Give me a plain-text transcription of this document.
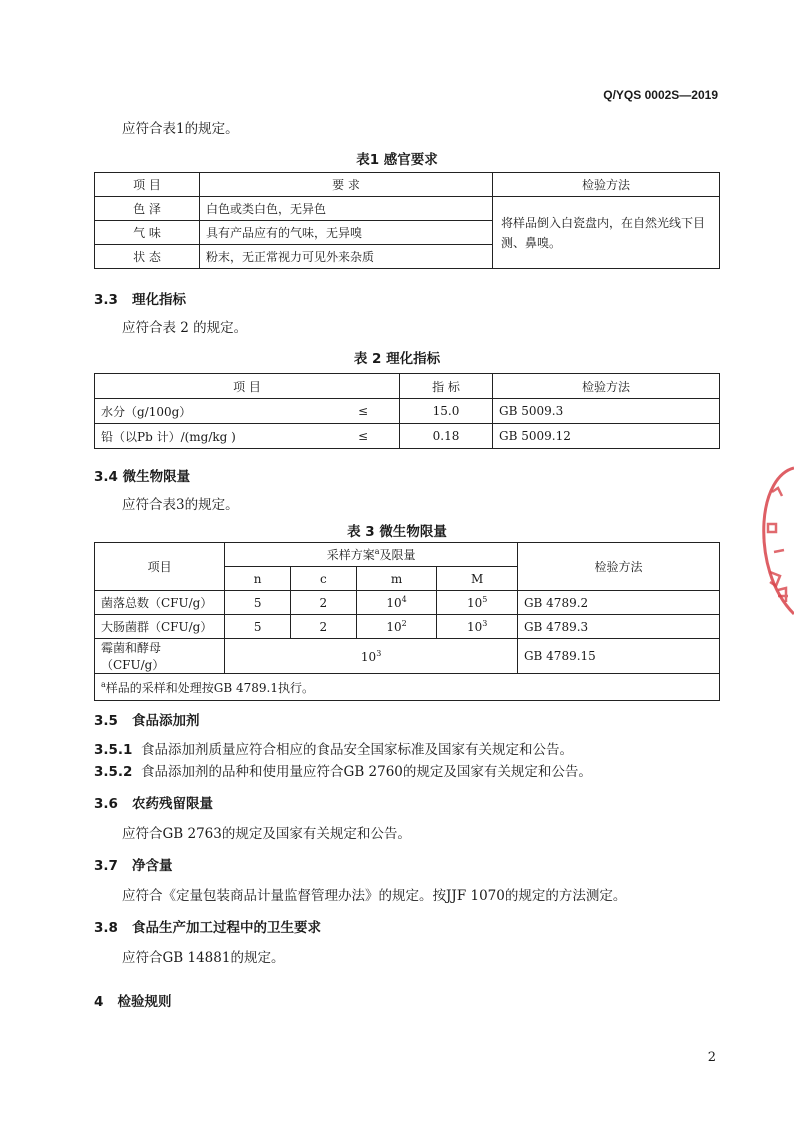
Q/YQS 0002S—2019
应符合表1的规定。
表1 感官要求
项 目	要 求	检验方法
色 泽	白色或类白色，无异色	将样品倒入白瓷盘内，在自然光线下目测、鼻嗅。
气 味	具有产品应有的气味，无异嗅	
状 态	粉末，无正常视力可见外来杂质	
3.3 理化指标
应符合表 2 的规定。
表 2 理化指标
项 目		指 标	检验方法
水分（g/100g）	≤	15.0	GB 5009.3
铅（以Pb 计）/(mg/kg )	≤	0.18	GB 5009.12
3.4 微生物限量
应符合表3的规定。
表 3 微生物限量
项目	采样方案$^a$及限量				检验方法
	n	c	m	M	
菌落总数（CFU/g）	5	2	$10^4$	$10^5$	GB 4789.2
大肠菌群（CFU/g）	5	2	$10^2$	$10^3$	GB 4789.3
霉菌和酵母（CFU/g）	$10^3$				GB 4789.15
$^a$样品的采样和处理按GB 4789.1执行。					
3.5 食品添加剂
3.5.1 食品添加剂质量应符合相应的食品安全国家标准及国家有关规定和公告。
3.5.2 食品添加剂的品种和使用量应符合GB 2760的规定及国家有关规定和公告。
3.6 农药残留限量
应符合GB 2763的规定及国家有关规定和公告。
3.7 净含量
应符合《定量包装商品计量监督管理办法》的规定。按JJF 1070的规定的方法测定。
3.8 食品生产加工过程中的卫生要求
应符合GB 14881的规定。
4 检验规则
2
